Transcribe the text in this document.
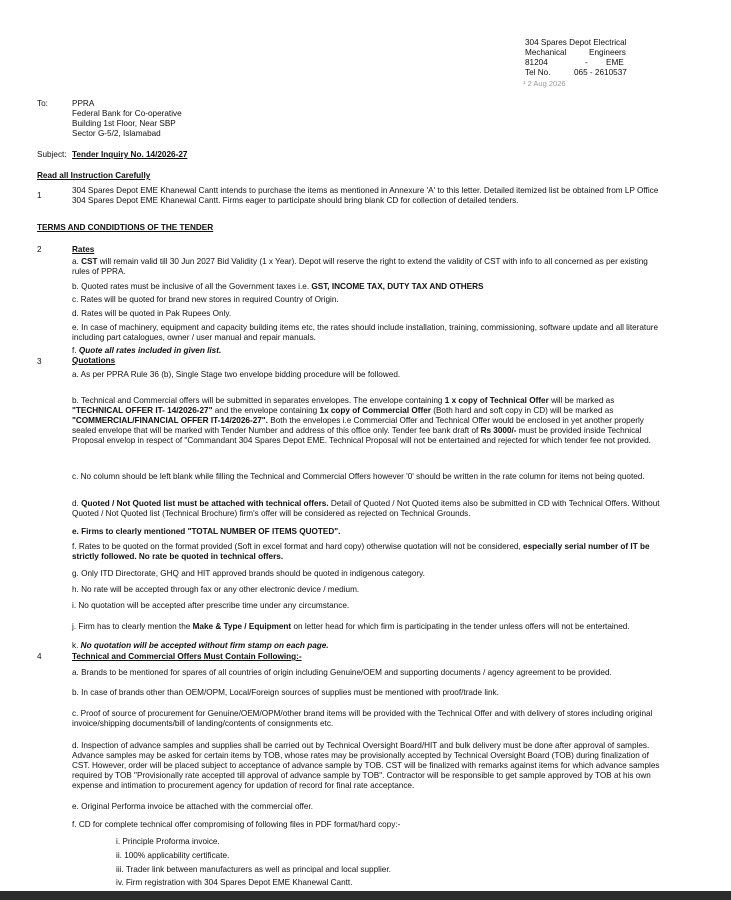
304 Spares Depot Electrical
Mechanical	Engineers
81204	- EME
Tel No.	065 - 2610537
¹ 2 Aug 2026
To:	PPRA
Federal Bank for Co-operative
Building 1st Floor, Near SBP
Sector G-5/2, Islamabad
Subject: Tender Inquiry No. 14/2026-27
Read all Instruction Carefully
1
304 Spares Depot EME Khanewal Cantt intends to purchase the items as mentioned in Annexure 'A' to this letter. Detailed itemized list be obtained from LP Office
304 Spares Depot EME Khanewal Cantt. Firms eager to participate should bring blank CD for collection of detailed tenders.
TERMS AND CONDIDTIONS OF THE TENDER
2	Rates
a. CST will remain valid till 30 Jun 2027 Bid Validity (1 x Year). Depot will reserve the right to extend the validity of CST with info to all concerned as per existing
rules of PPRA.
b. Quoted rates must be inclusive of all the Government taxes i.e. GST, INCOME TAX, DUTY TAX AND OTHERS
c. Rates will be quoted for brand new stores in required Country of Origin.
d. Rates will be quoted in Pak Rupees Only.
e. In case of machinery, equipment and capacity building items etc, the rates should include installation, training, commissioning, software update and all literature
including part catalogues, owner / user manual and repair manuals.
f. Quote all rates included in given list.
3	Quotations
a. As per PPRA Rule 36 (b), Single Stage two envelope bidding procedure will be followed.
b. Technical and Commercial offers will be submitted in separates envelopes. The envelope containing 1 x copy of Technical Offer will be marked as
"TECHNICAL OFFER IT- 14/2026-27" and the envelope containing 1x copy of Commercial Offer (Both hard and soft copy in CD) will be marked as
"COMMERCIAL/FINANCIAL OFFER IT-14/2026-27". Both the envelopes i.e Commercial Offer and Technical Offer would be enclosed in yet another properly
sealed envelope that will be marked with Tender Number and address of this office only. Tender fee bank draft of Rs 3000/- must be provided inside Technical
Proposal envelop in respect of "Commandant 304 Spares Depot EME. Technical Proposal will not be entertained and rejected for which tender fee not provided.
c. No column should be left blank while filling the Technical and Commercial Offers however '0' should be written in the rate column for items not being quoted.
d. Quoted / Not Quoted list must be attached with technical offers. Detail of Quoted / Not Quoted items also be submitted in CD with Technical Offers. Without
Quoted / Not Quoted list (Technical Brochure) firm's offer will be considered as rejected on Technical Grounds.
e. Firms to clearly mentioned "TOTAL NUMBER OF ITEMS QUOTED".
f. Rates to be quoted on the format provided (Soft in excel format and hard copy) otherwise quotation will not be considered, especially serial number of IT be
strictly followed. No rate be quoted in technical offers.
g. Only ITD Directorate, GHQ and HIT approved brands should be quoted in indigenous category.
h. No rate will be accepted through fax or any other electronic device / medium.
i. No quotation will be accepted after prescribe time under any circumstance.
j. Firm has to clearly mention the Make & Type / Equipment on letter head for which firm is participating in the tender unless offers will not be entertained.
k. No quotation will be accepted without firm stamp on each page.
4	Technical and Commercial Offers Must Contain Following:-
a. Brands to be mentioned for spares of all countries of origin including Genuine/OEM and supporting documents / agency agreement to be provided.
b. In case of brands other than OEM/OPM, Local/Foreign sources of supplies must be mentioned with proof/trade link.
c. Proof of source of procurement for Genuine/OEM/OPM/other brand items will be provided with the Technical Offer and with delivery of stores including original
invoice/shipping documents/bill of landing/contents of consignments etc.
d. Inspection of advance samples and supplies shall be carried out by Technical Oversight Board/HIT and bulk delivery must be done after approval of samples.
Advance samples may be asked for certain items by TOB, whose rates may be provisionally accepted by Technical Oversight Board (TOB) during finalization of
CST. However, order will be placed subject to acceptance of advance sample by TOB. CST will be finalized with remarks against items for which advance samples
required by TOB "Provisionally rate accepted till approval of advance sample by TOB". Contractor will be responsible to get sample approved by TOB at his own
expense and intimation to procurement agency for updation of record for final rate acceptance.
e. Original Performa invoice be attached with the commercial offer.
f. CD for complete technical offer compromising of following files in PDF format/hard copy:-
i. Principle Proforma invoice.
ii. 100% applicability certificate.
iii. Trader link between manufacturers as well as principal and local supplier.
iv. Firm registration with 304 Spares Depot EME Khanewal Cantt.
